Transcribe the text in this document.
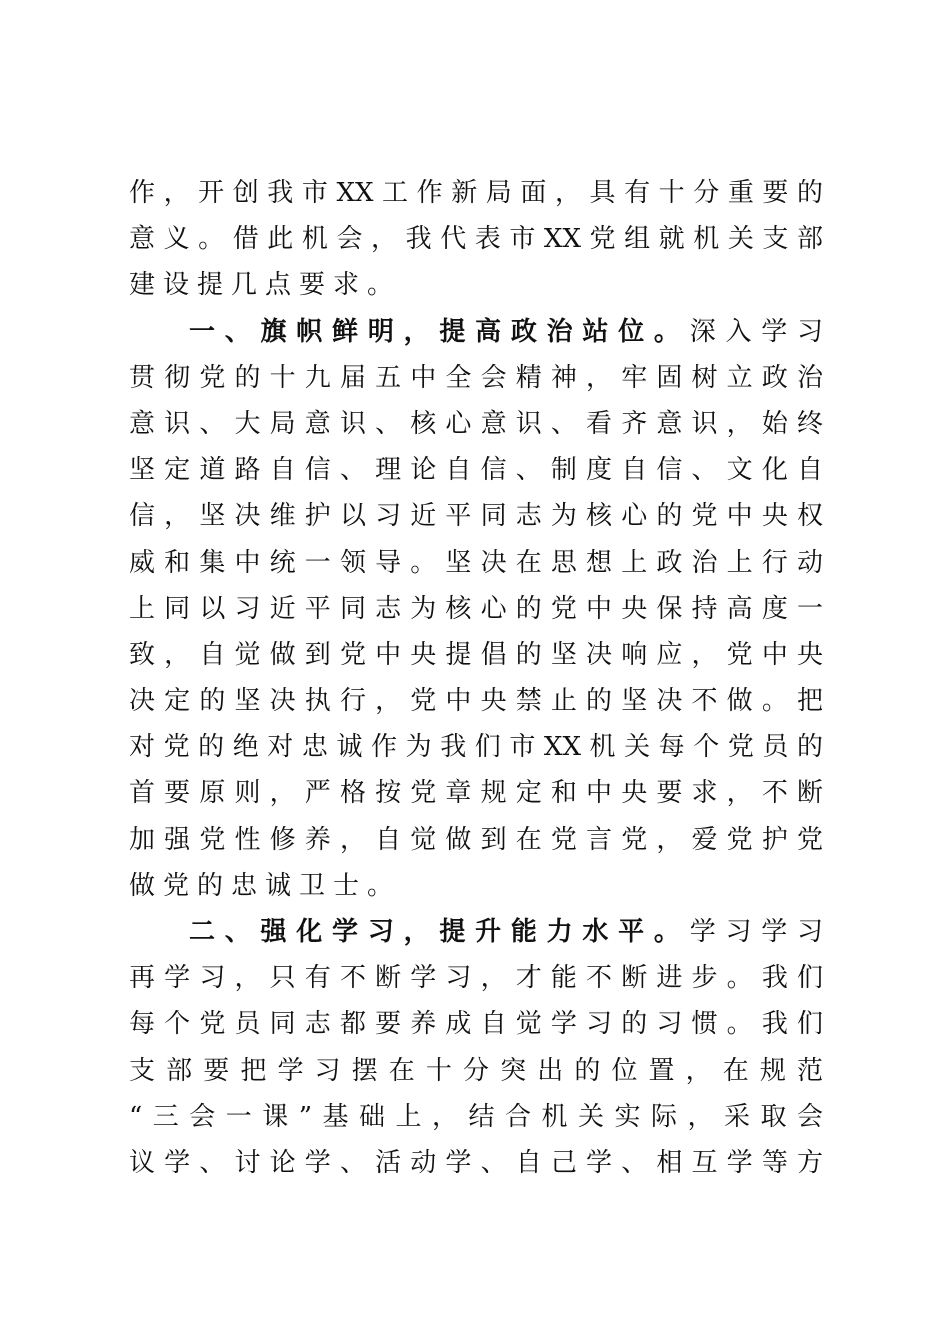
作，开创我市XX工作新局面，具有十分重要的
意义。借此机会，我代表市XX党组就机关支部
建设提几点要求。
一、旗帜鲜明，提高政治站位。深入学习
贯彻党的十九届五中全会精神，牢固树立政治
意识、大局意识、核心意识、看齐意识，始终
坚定道路自信、理论自信、制度自信、文化自
信，坚决维护以习近平同志为核心的党中央权
威和集中统一领导。坚决在思想上政治上行动
上同以习近平同志为核心的党中央保持高度一
致，自觉做到党中央提倡的坚决响应，党中央
决定的坚决执行，党中央禁止的坚决不做。把
对党的绝对忠诚作为我们市XX机关每个党员的
首要原则，严格按党章规定和中央要求，不断
加强党性修养，自觉做到在党言党，爱党护党
做党的忠诚卫士。
二、强化学习，提升能力水平。学习学习
再学习，只有不断学习，才能不断进步。我们
每个党员同志都要养成自觉学习的习惯。我们
支部要把学习摆在十分突出的位置，在规范
“三会一课”基础上，结合机关实际，采取会
议学、讨论学、活动学、自己学、相互学等方
